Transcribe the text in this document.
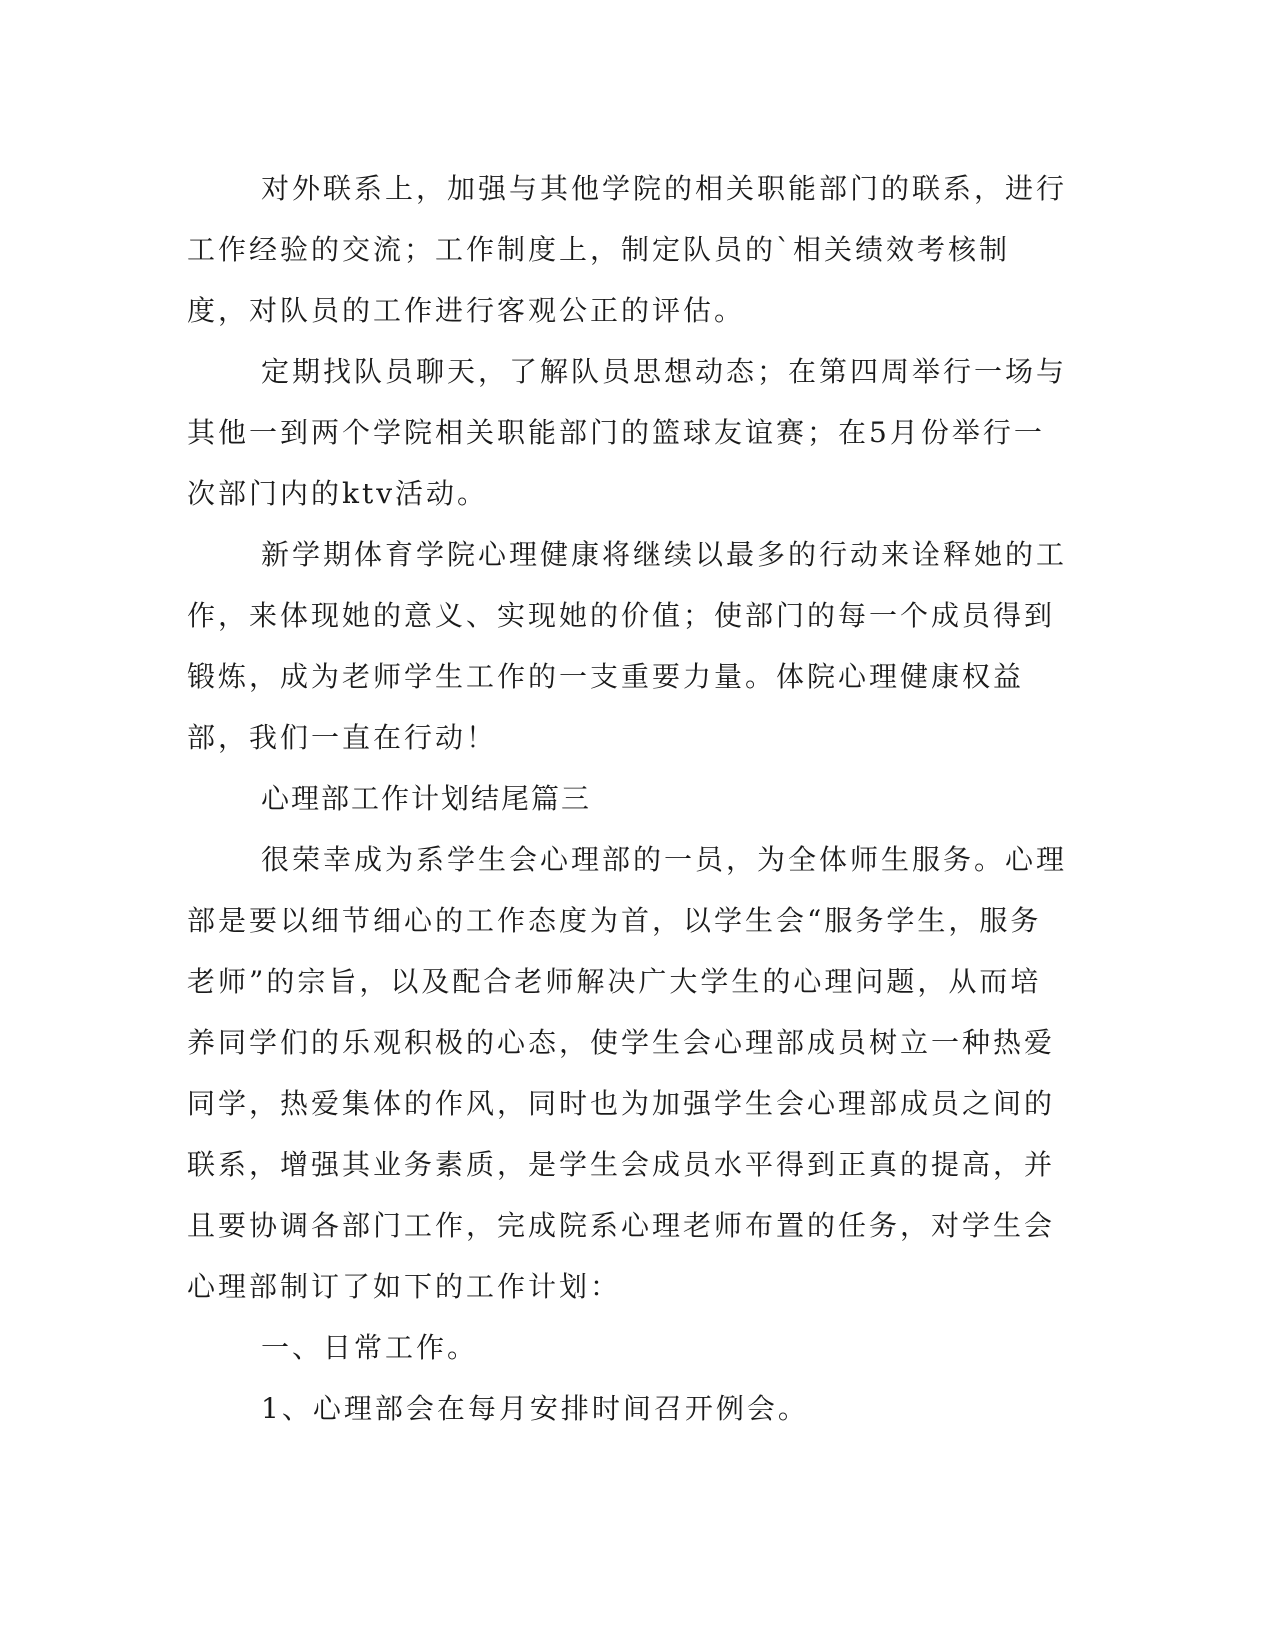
对外联系上，加强与其他学院的相关职能部门的联系，进行工作经验的交流；工作制度上，制定队员的`相关绩效考核制度，对队员的工作进行客观公正的评估。

定期找队员聊天，了解队员思想动态；在第四周举行一场与其他一到两个学院相关职能部门的篮球友谊赛；在5月份举行一次部门内的ktv活动。

新学期体育学院心理健康将继续以最多的行动来诠释她的工作，来体现她的意义、实现她的价值；使部门的每一个成员得到锻炼，成为老师学生工作的一支重要力量。体院心理健康权益部，我们一直在行动！

心理部工作计划结尾篇三

很荣幸成为系学生会心理部的一员，为全体师生服务。心理部是要以细节细心的工作态度为首，以学生会“服务学生，服务老师”的宗旨，以及配合老师解决广大学生的心理问题，从而培养同学们的乐观积极的心态，使学生会心理部成员树立一种热爱同学，热爱集体的作风，同时也为加强学生会心理部成员之间的联系，增强其业务素质，是学生会成员水平得到正真的提高，并且要协调各部门工作，完成院系心理老师布置的任务，对学生会心理部制订了如下的工作计划：

一、日常工作。

1、心理部会在每月安排时间召开例会。
